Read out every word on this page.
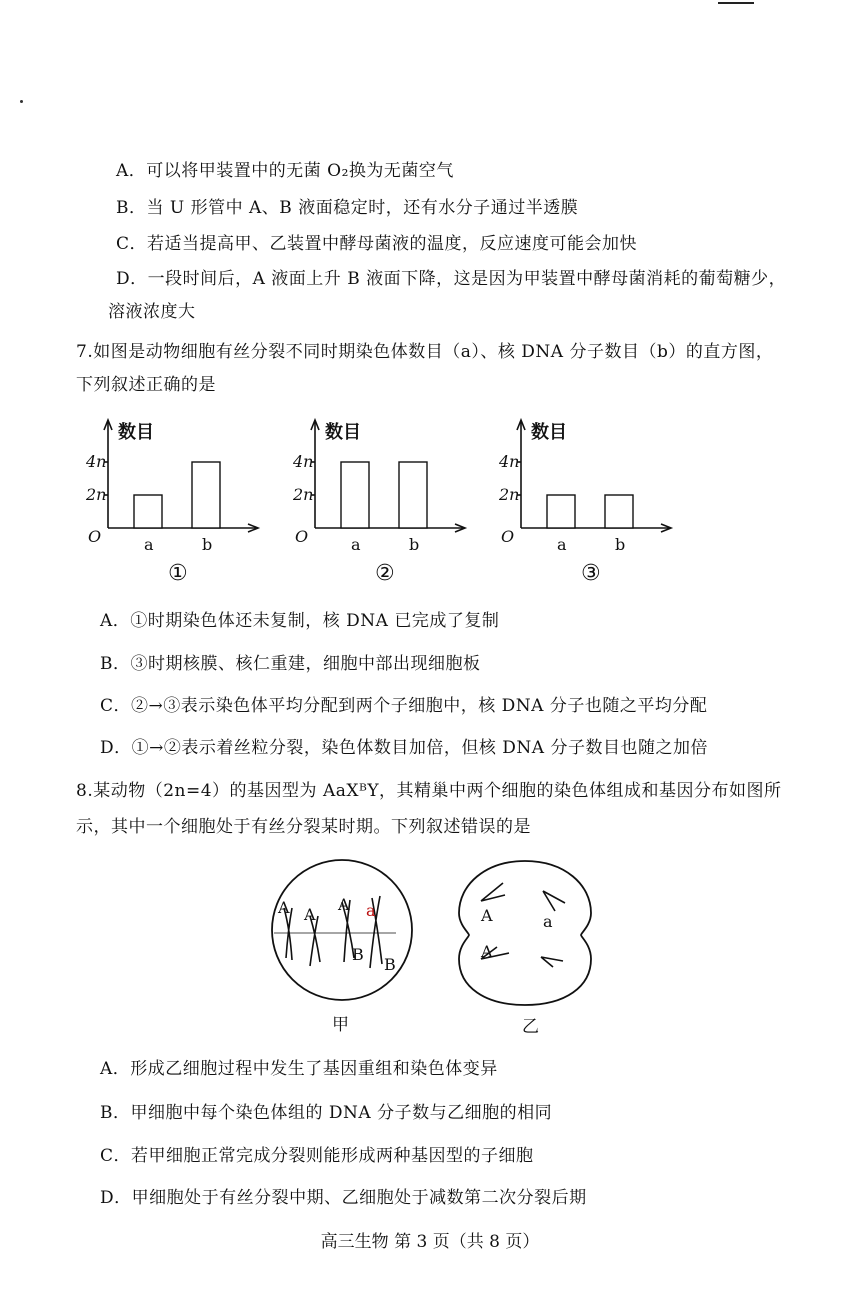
A．可以将甲装置中的无菌 O₂换为无菌空气
B．当 U 形管中 A、B 液面稳定时，还有水分子通过半透膜
C．若适当提高甲、乙装置中酵母菌液的温度，反应速度可能会加快
D．一段时间后，A 液面上升 B 液面下降，这是因为甲装置中酵母菌消耗的葡萄糖少，
溶液浓度大
7.如图是动物细胞有丝分裂不同时期染色体数目（a）、核 DNA 分子数目（b）的直方图，
下列叙述正确的是
数目
4n
2n
O	a	b
①
数目
4n
2n
O	a	b
②
数目
4n
2n
O	a	b
③
A．①时期染色体还未复制，核 DNA 已完成了复制
B．③时期核膜、核仁重建，细胞中部出现细胞板
C．②→③表示染色体平均分配到两个子细胞中，核 DNA 分子也随之平均分配
D．①→②表示着丝粒分裂，染色体数目加倍，但核 DNA 分子数目也随之加倍
8.某动物（2n=4）的基因型为 AaXᴮY，其精巢中两个细胞的染色体组成和基因分布如图所
示，其中一个细胞处于有丝分裂某时期。下列叙述错误的是
A A
A a
B
B
甲
A	a
A
乙
A．形成乙细胞过程中发生了基因重组和染色体变异
B．甲细胞中每个染色体组的 DNA 分子数与乙细胞的相同
C．若甲细胞正常完成分裂则能形成两种基因型的子细胞
D．甲细胞处于有丝分裂中期、乙细胞处于减数第二次分裂后期
高三生物 第 3 页（共 8 页）
